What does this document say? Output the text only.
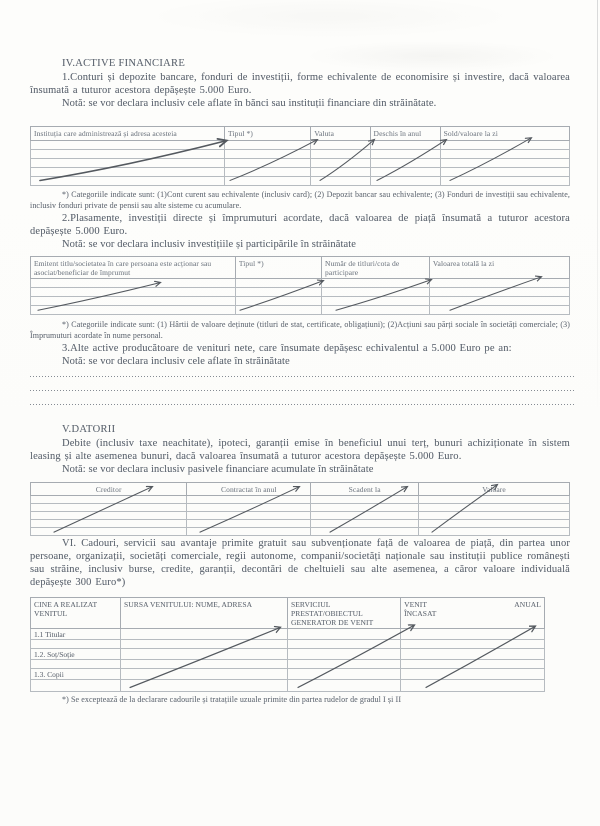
IV.ACTIVE FINANCIARE

1.Conturi și depozite bancare, fonduri de investiții, forme echivalente de economisire și investire, dacă valoarea însumată a tuturor acestora depășește 5.000 Euro.

Notă: se vor declara inclusiv cele aflate în bănci sau instituții financiare din străinătate.

Instituția care administrează și adresa acesteia	Tipul *)	Valuta	Deschis în anul	Sold/valoare la zi

*) Categoriile indicate sunt: (1)Cont curent sau echivalente (inclusiv card); (2) Depozit bancar sau echivalente; (3) Fonduri de investiții sau echivalente, inclusiv fonduri private de pensii sau alte sisteme cu acumulare.

2.Plasamente, investiții directe și împrumuturi acordate, dacă valoarea de piață însumată a tuturor acestora depășește 5.000 Euro.

Notă: se vor declara inclusiv investițiile și participările în străinătate

Emitent titlu/societatea în care persoana este acționar sau asociat/beneficiar de împrumut	Tipul *)	Număr de titluri/cota de participare	Valoarea totală la zi

*) Categoriile indicate sunt: (1) Hârtii de valoare deținute (titluri de stat, certificate, obligațiuni); (2)Acțiuni sau părți sociale în societăți comerciale; (3) Împrumuturi acordate în nume personal.

3.Alte active producătoare de venituri nete, care însumate depășesc echivalentul a 5.000 Euro pe an:

Notă: se vor declara inclusiv cele aflate în străinătate

V.DATORII

Debite (inclusiv taxe neachitate), ipoteci, garanții emise în beneficiul unui terț, bunuri achiziționate în sistem leasing și alte asemenea bunuri, dacă valoarea însumată a tuturor acestora depășește 5.000 Euro.

Notă: se vor declara inclusiv pasivele financiare acumulate în străinătate

Creditor	Contractat în anul	Scadent la	Valoare

VI. Cadouri, servicii sau avantaje primite gratuit sau subvenționate față de valoarea de piață, din partea unor persoane, organizații, societăți comerciale, regii autonome, companii/societăți naționale sau instituții publice românești sau străine, inclusiv burse, credite, garanții, decontări de cheltuieli sau alte asemenea, a căror valoare individuală depășește 300 Euro*)

CINE A REALIZAT VENITUL	SURSA VENITULUI: NUME, ADRESA	SERVICIUL PRESTAT/OBIECTUL GENERATOR DE VENIT	VENIT ANUAL
ÎNCASAT

1.1 Titular			

1.2. Soț/Soție			

1.3. Copii			

*) Se exceptează de la declarare cadourile și tratațiile uzuale primite din partea rudelor de gradul I și II
